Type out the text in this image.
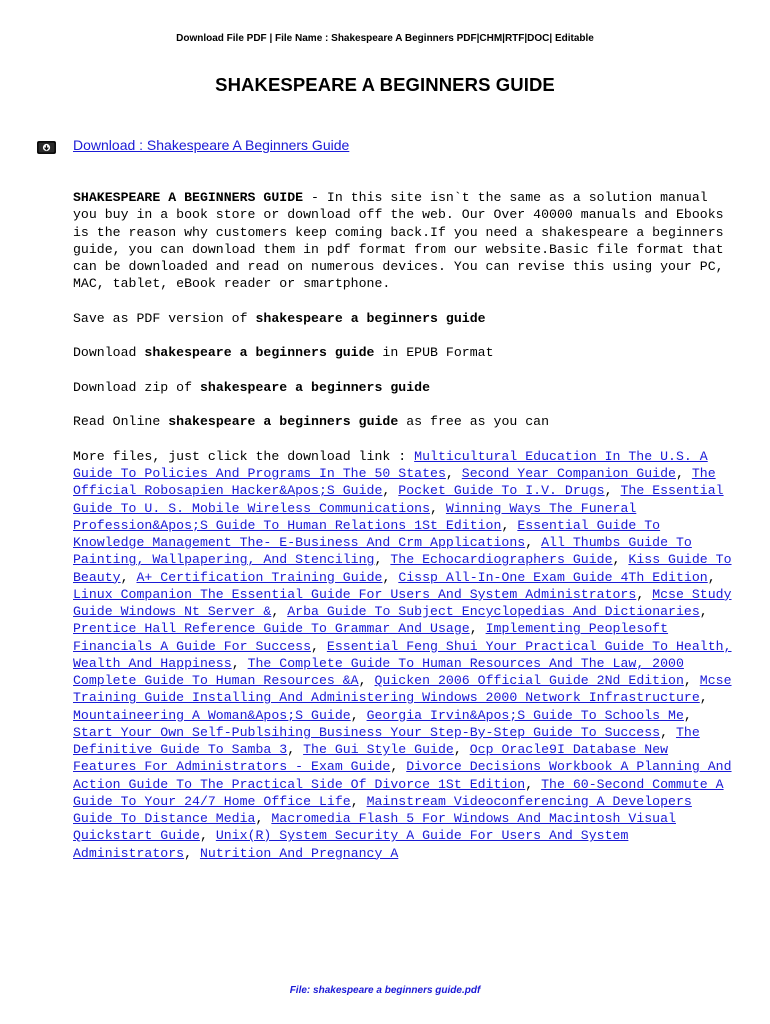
Download File PDF | File Name : Shakespeare A Beginners PDF|CHM|RTF|DOC| Editable
SHAKESPEARE A BEGINNERS GUIDE
Download : Shakespeare A Beginners Guide

SHAKESPEARE A BEGINNERS GUIDE - In this site isn`t the same as a solution manual you buy in a book store or download off the web. Our Over 40000 manuals and Ebooks is the reason why customers keep coming back.If you need a shakespeare a beginners guide, you can download them in pdf format from our website.Basic file format that can be downloaded and read on numerous devices. You can revise this using your PC, MAC, tablet, eBook reader or smartphone.

Save as PDF version of shakespeare a beginners guide

Download shakespeare a beginners guide in EPUB Format

Download zip of shakespeare a beginners guide

Read Online shakespeare a beginners guide as free as you can

More files, just click the download link : Multicultural Education In The U.S. A Guide To Policies And Programs In The 50 States, Second Year Companion Guide, The Official Robosapien Hacker&Apos;S Guide, Pocket Guide To I.V. Drugs, The Essential Guide To U. S. Mobile Wireless Communications, Winning Ways The Funeral Profession&Apos;S Guide To Human Relations 1St Edition, Essential Guide To Knowledge Management The- E-Business And Crm Applications, All Thumbs Guide To Painting, Wallpapering, And Stenciling, The Echocardiographers Guide, Kiss Guide To Beauty, A+ Certification Training Guide, Cissp All-In-One Exam Guide 4Th Edition, Linux Companion The Essential Guide For Users And System Administrators, Mcse Study Guide Windows Nt Server &, Arba Guide To Subject Encyclopedias And Dictionaries, Prentice Hall Reference Guide To Grammar And Usage, Implementing Peoplesoft Financials A Guide For Success, Essential Feng Shui Your Practical Guide To Health, Wealth And Happiness, The Complete Guide To Human Resources And The Law, 2000 Complete Guide To Human Resources &A, Quicken 2006 Official Guide 2Nd Edition, Mcse Training Guide Installing And Administering Windows 2000 Network Infrastructure, Mountaineering A Woman&Apos;S Guide, Georgia Irvin&Apos;S Guide To Schools Me, Start Your Own Self-Publsihing Business Your Step-By-Step Guide To Success, The Definitive Guide To Samba 3, The Gui Style Guide, Ocp Oracle9I Database New Features For Administrators - Exam Guide, Divorce Decisions Workbook A Planning And Action Guide To The Practical Side Of Divorce 1St Edition, The 60-Second Commute A Guide To Your 24/7 Home Office Life, Mainstream Videoconferencing A Developers Guide To Distance Media, Macromedia Flash 5 For Windows And Macintosh Visual Quickstart Guide, Unix(R) System Security A Guide For Users And System Administrators, Nutrition And Pregnancy A

File: shakespeare a beginners guide.pdf
